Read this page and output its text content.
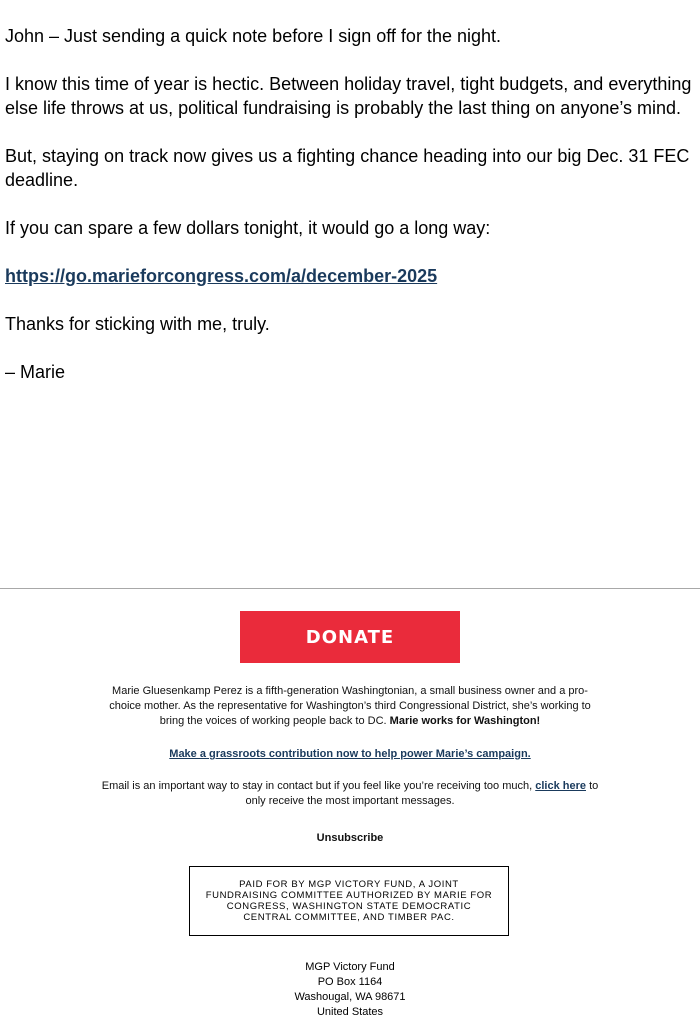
John – Just sending a quick note before I sign off for the night.

I know this time of year is hectic. Between holiday travel, tight budgets, and everything else life throws at us, political fundraising is probably the last thing on anyone’s mind.

But, staying on track now gives us a fighting chance heading into our big Dec. 31 FEC deadline.

If you can spare a few dollars tonight, it would go a long way:

https://go.marieforcongress.com/a/december-2025

Thanks for sticking with me, truly.

– Marie

DONATE
Marie Gluesenkamp Perez is a fifth-generation Washingtonian, a small business owner and a pro-choice mother. As the representative for Washington’s third Congressional District, she’s working to bring the voices of working people back to DC. Marie works for Washington!
Make a grassroots contribution now to help power Marie’s campaign.
Email is an important way to stay in contact but if you feel like you’re receiving too much, click here to only receive the most important messages.
Unsubscribe
PAID FOR BY MGP VICTORY FUND, A JOINT FUNDRAISING COMMITTEE AUTHORIZED BY MARIE FOR CONGRESS, WASHINGTON STATE DEMOCRATIC CENTRAL COMMITTEE, AND TIMBER PAC.
MGP Victory Fund
PO Box 1164
Washougal, WA 98671
United States
